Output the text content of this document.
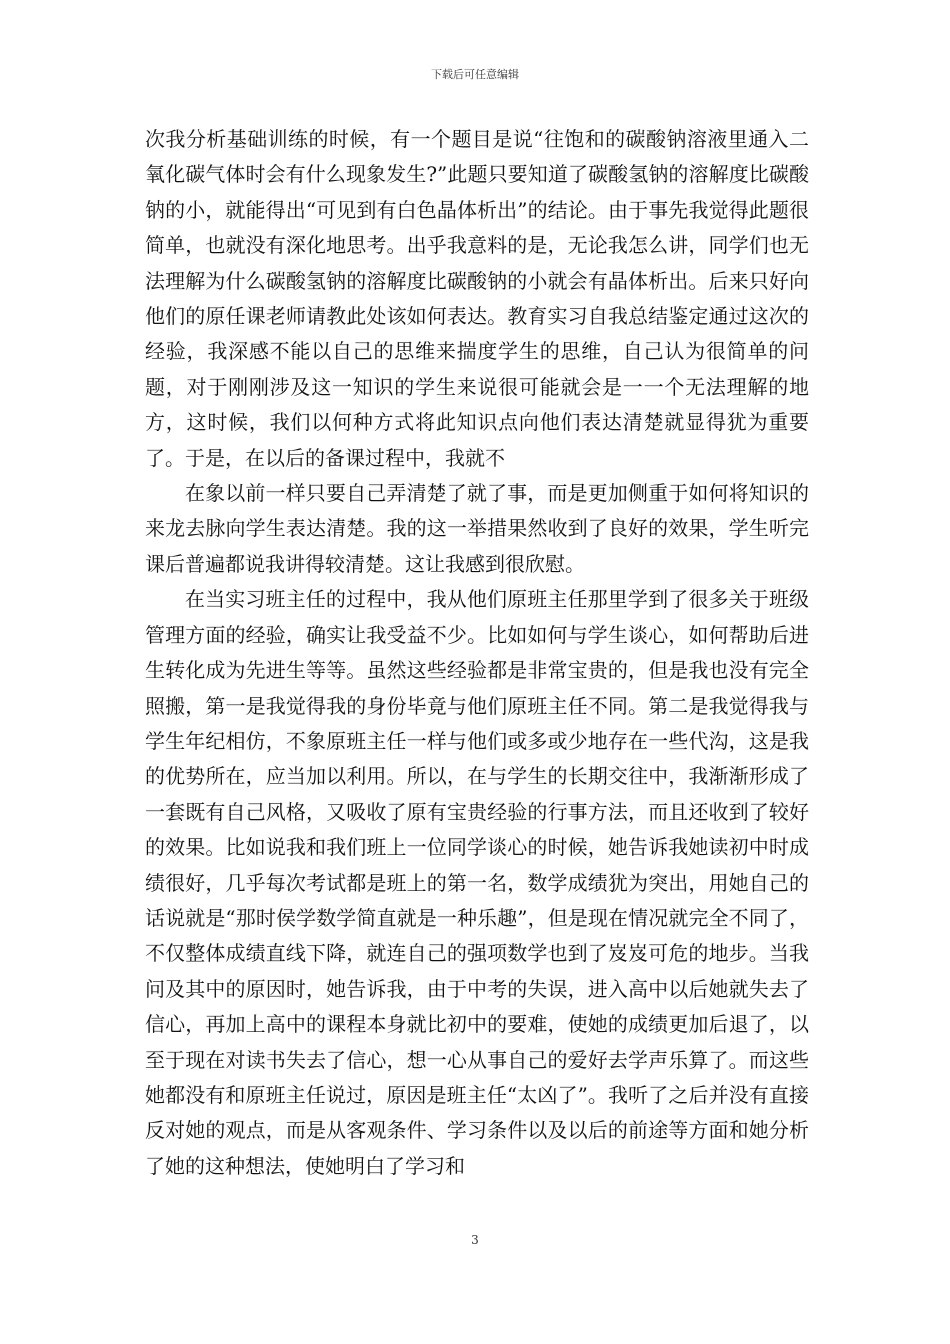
下载后可任意编辑

次我分析基础训练的时候，有一个题目是说“往饱和的碳酸钠溶液里通入二氧化碳气体时会有什么现象发生?”此题只要知道了碳酸氢钠的溶解度比碳酸钠的小，就能得出“可见到有白色晶体析出”的结论。由于事先我觉得此题很简单，也就没有深化地思考。出乎我意料的是，无论我怎么讲，同学们也无法理解为什么碳酸氢钠的溶解度比碳酸钠的小就会有晶体析出。后来只好向他们的原任课老师请教此处该如何表达。教育实习自我总结鉴定通过这次的经验，我深感不能以自己的思维来揣度学生的思维，自己认为很简单的问题，对于刚刚涉及这一知识的学生来说很可能就会是一一个无法理解的地方，这时候，我们以何种方式将此知识点向他们表达清楚就显得犹为重要了。于是，在以后的备课过程中，我就不

在象以前一样只要自己弄清楚了就了事，而是更加侧重于如何将知识的来龙去脉向学生表达清楚。我的这一举措果然收到了良好的效果，学生听完课后普遍都说我讲得较清楚。这让我感到很欣慰。

在当实习班主任的过程中，我从他们原班主任那里学到了很多关于班级管理方面的经验，确实让我受益不少。比如如何与学生谈心，如何帮助后进生转化成为先进生等等。虽然这些经验都是非常宝贵的，但是我也没有完全照搬，第一是我觉得我的身份毕竟与他们原班主任不同。第二是我觉得我与学生年纪相仿，不象原班主任一样与他们或多或少地存在一些代沟，这是我的优势所在，应当加以利用。所以，在与学生的长期交往中，我渐渐形成了一套既有自己风格，又吸收了原有宝贵经验的行事方法，而且还收到了较好的效果。比如说我和我们班上一位同学谈心的时候，她告诉我她读初中时成绩很好，几乎每次考试都是班上的第一名，数学成绩犹为突出，用她自己的话说就是“那时侯学数学简直就是一种乐趣”，但是现在情况就完全不同了，不仅整体成绩直线下降，就连自己的强项数学也到了岌岌可危的地步。当我问及其中的原因时，她告诉我，由于中考的失误，进入高中以后她就失去了信心，再加上高中的课程本身就比初中的要难，使她的成绩更加后退了，以至于现在对读书失去了信心，想一心从事自己的爱好去学声乐算了。而这些她都没有和原班主任说过，原因是班主任“太凶了”。我听了之后并没有直接反对她的观点，而是从客观条件、学习条件以及以后的前途等方面和她分析了她的这种想法，使她明白了学习和

3
